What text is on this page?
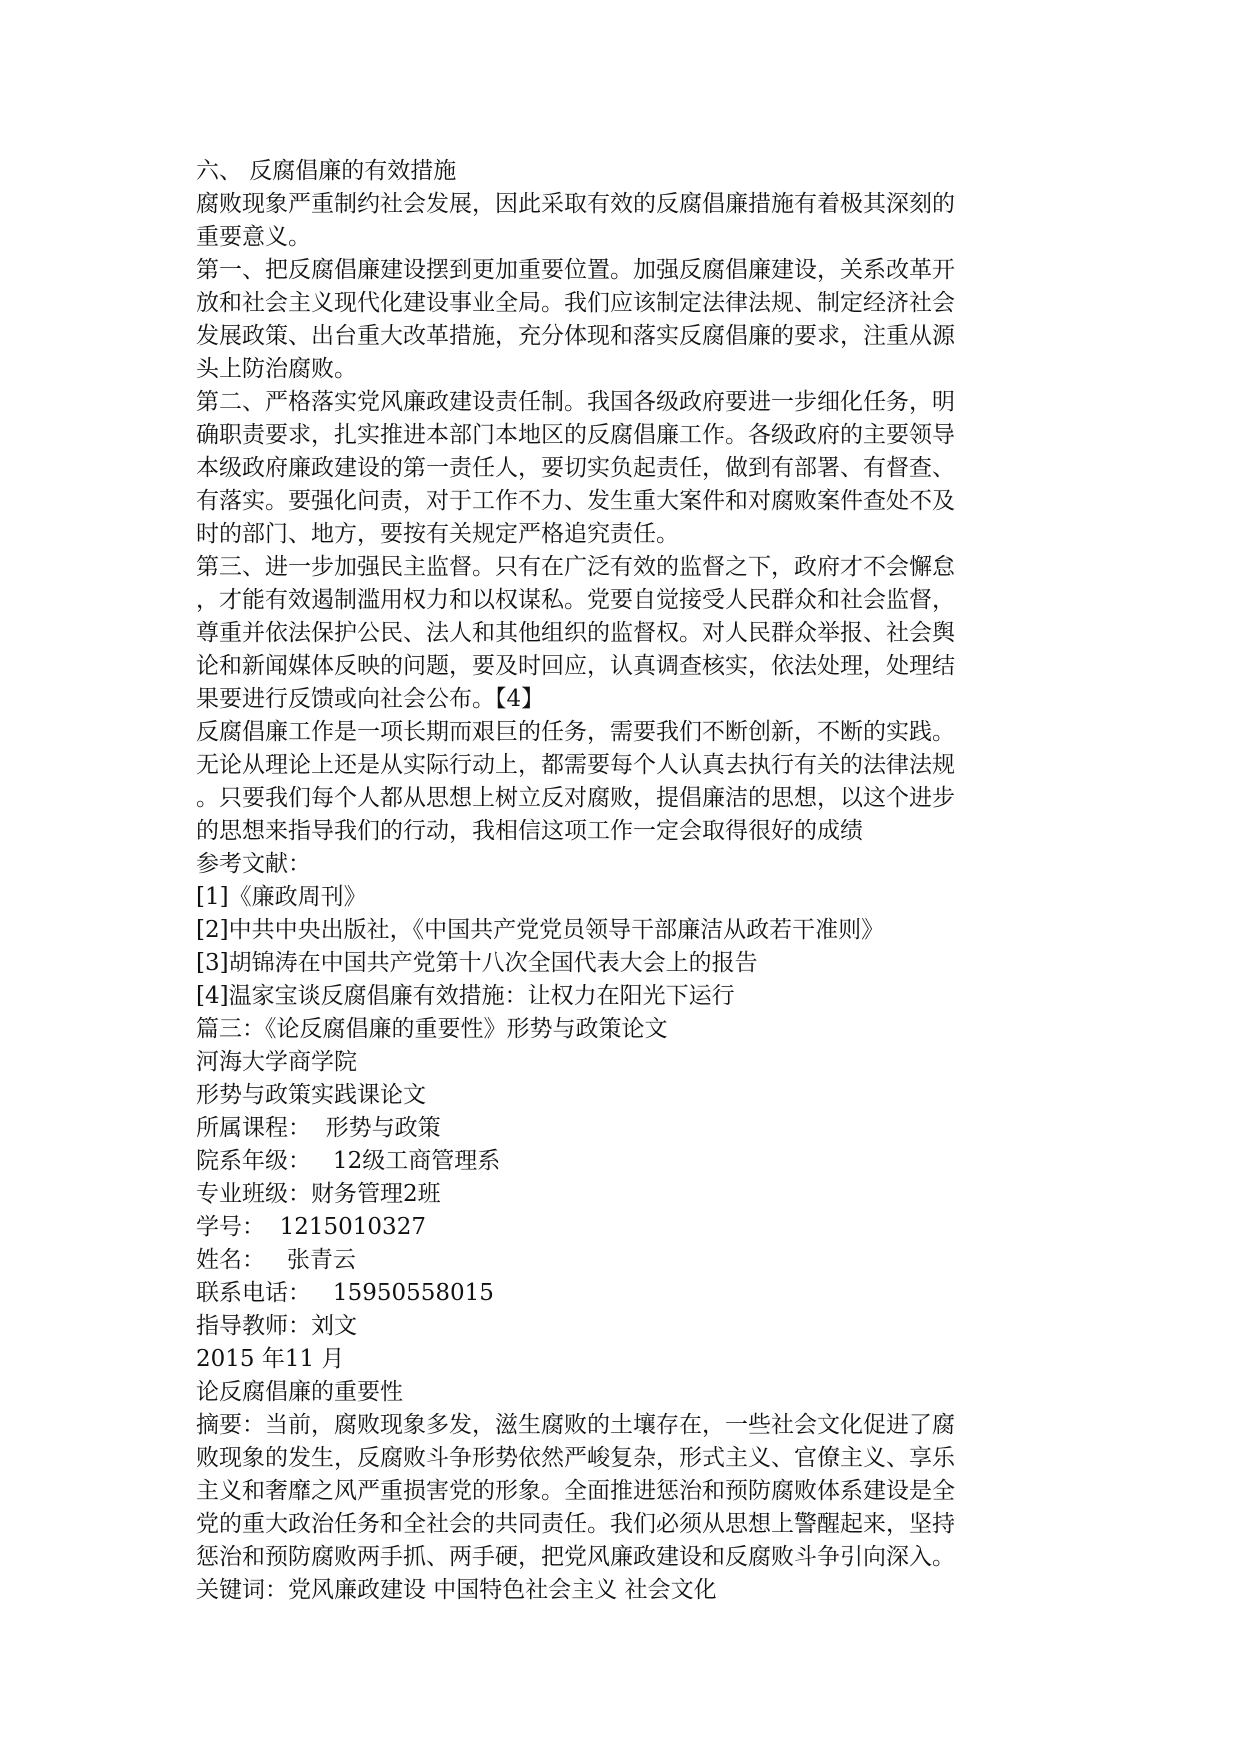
六、 反腐倡廉的有效措施

腐败现象严重制约社会发展，因此采取有效的反腐倡廉措施有着极其深刻的
重要意义。

第一、把反腐倡廉建设摆到更加重要位置。加强反腐倡廉建设，关系改革开
放和社会主义现代化建设事业全局。我们应该制定法律法规、制定经济社会
发展政策、出台重大改革措施，充分体现和落实反腐倡廉的要求，注重从源
头上防治腐败。

第二、严格落实党风廉政建设责任制。我国各级政府要进一步细化任务，明
确职责要求，扎实推进本部门本地区的反腐倡廉工作。各级政府的主要领导
本级政府廉政建设的第一责任人，要切实负起责任，做到有部署、有督查、
有落实。要强化问责，对于工作不力、发生重大案件和对腐败案件查处不及
时的部门、地方，要按有关规定严格追究责任。

第三、进一步加强民主监督。只有在广泛有效的监督之下，政府才不会懈怠
，才能有效遏制滥用权力和以权谋私。党要自觉接受人民群众和社会监督，
尊重并依法保护公民、法人和其他组织的监督权。对人民群众举报、社会舆
论和新闻媒体反映的问题，要及时回应，认真调查核实，依法处理，处理结
果要进行反馈或向社会公布。【4】

反腐倡廉工作是一项长期而艰巨的任务，需要我们不断创新，不断的实践。
无论从理论上还是从实际行动上，都需要每个人认真去执行有关的法律法规
。只要我们每个人都从思想上树立反对腐败，提倡廉洁的思想，以这个进步
的思想来指导我们的行动，我相信这项工作一定会取得很好的成绩

参考文献：

[1]《廉政周刊》

[2]中共中央出版社，《中国共产党党员领导干部廉洁从政若干准则》

[3]胡锦涛在中国共产党第十八次全国代表大会上的报告

[4]温家宝谈反腐倡廉有效措施：让权力在阳光下运行

篇三：《论反腐倡廉的重要性》形势与政策论文

河海大学商学院

形势与政策实践课论文

所属课程：  形势与政策

院系年级：   12级工商管理系

专业班级：财务管理2班

学号：  1215010327

姓名：   张青云

联系电话：   15950558015

指导教师：刘文

2015 年11 月

论反腐倡廉的重要性

摘要：当前，腐败现象多发，滋生腐败的土壤存在，一些社会文化促进了腐
败现象的发生，反腐败斗争形势依然严峻复杂，形式主义、官僚主义、享乐
主义和奢靡之风严重损害党的形象。全面推进惩治和预防腐败体系建设是全
党的重大政治任务和全社会的共同责任。我们必须从思想上警醒起来，坚持
惩治和预防腐败两手抓、两手硬，把党风廉政建设和反腐败斗争引向深入。

关键词：党风廉政建设 中国特色社会主义 社会文化
